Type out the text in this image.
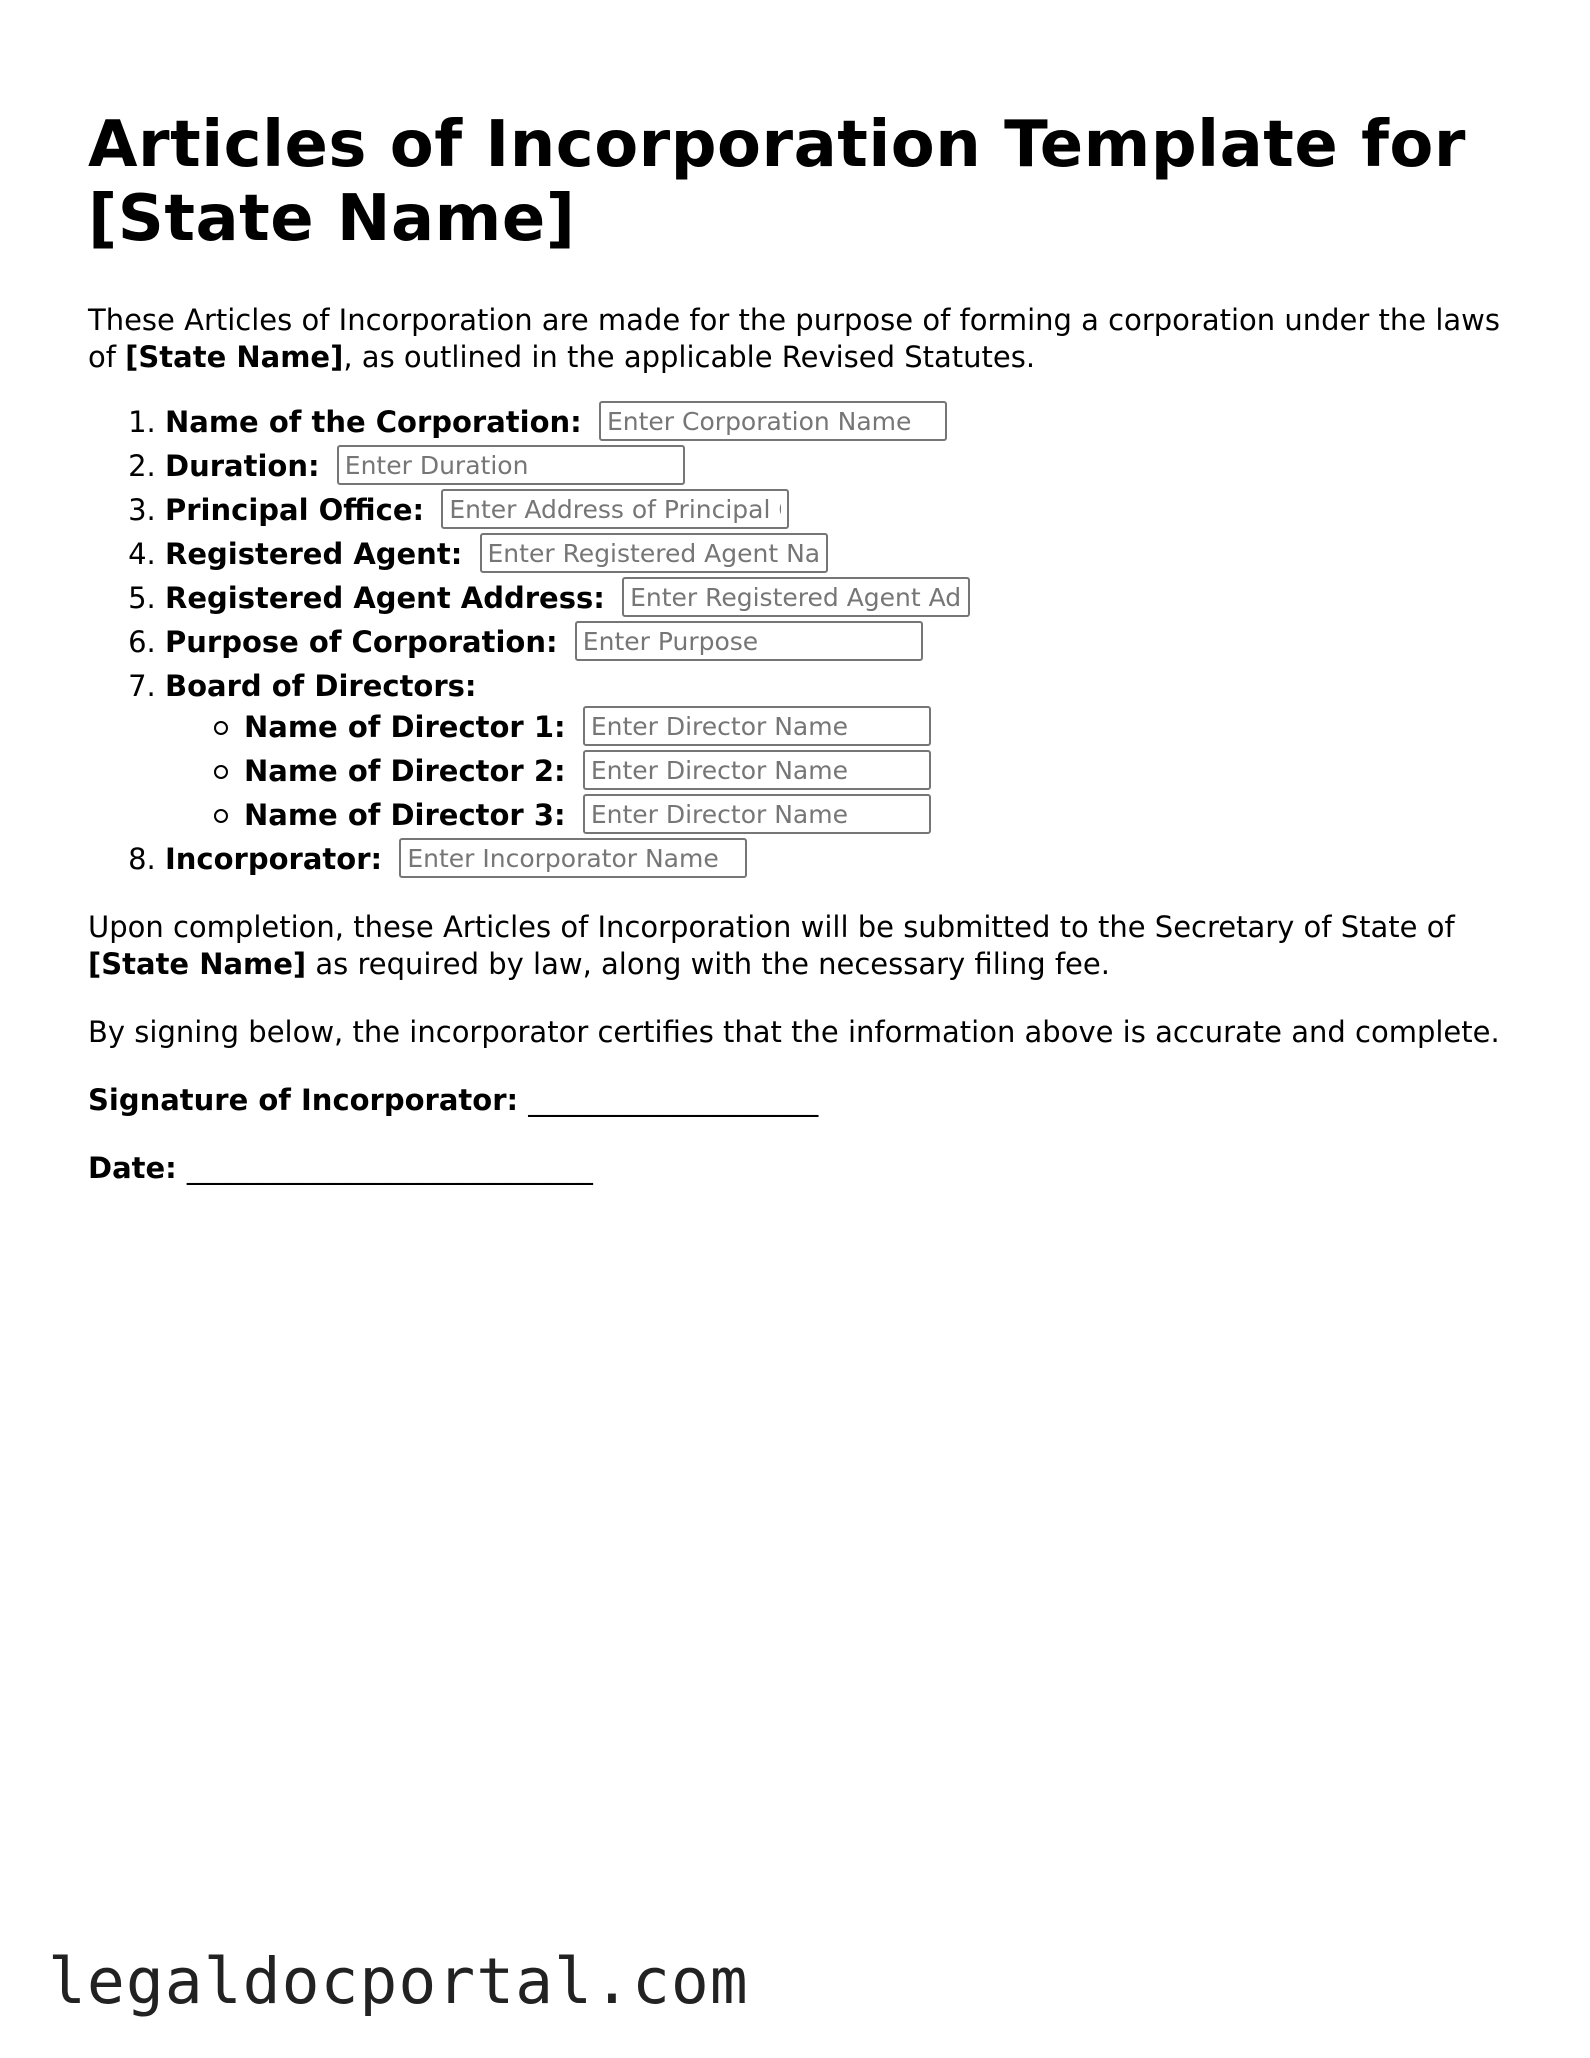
Articles of Incorporation Template for [State Name]

These Articles of Incorporation are made for the purpose of forming a corporation under the laws of [State Name], as outlined in the applicable Revised Statutes.

1. Name of the Corporation: Enter Corporation Name
2. Duration: Enter Duration
3. Principal Office: Enter Address of Principal Office
4. Registered Agent: Enter Registered Agent Name
5. Registered Agent Address: Enter Registered Agent Address
6. Purpose of Corporation: Enter Purpose
7. Board of Directors:
Name of Director 1: Enter Director Name
Name of Director 2: Enter Director Name
Name of Director 3: Enter Director Name
8. Incorporator: Enter Incorporator Name

Upon completion, these Articles of Incorporation will be submitted to the Secretary of State of [State Name] as required by law, along with the necessary filing fee.

By signing below, the incorporator certifies that the information above is accurate and complete.

Signature of Incorporator: ____________________

Date: ____________________________

legaldocportal.com
